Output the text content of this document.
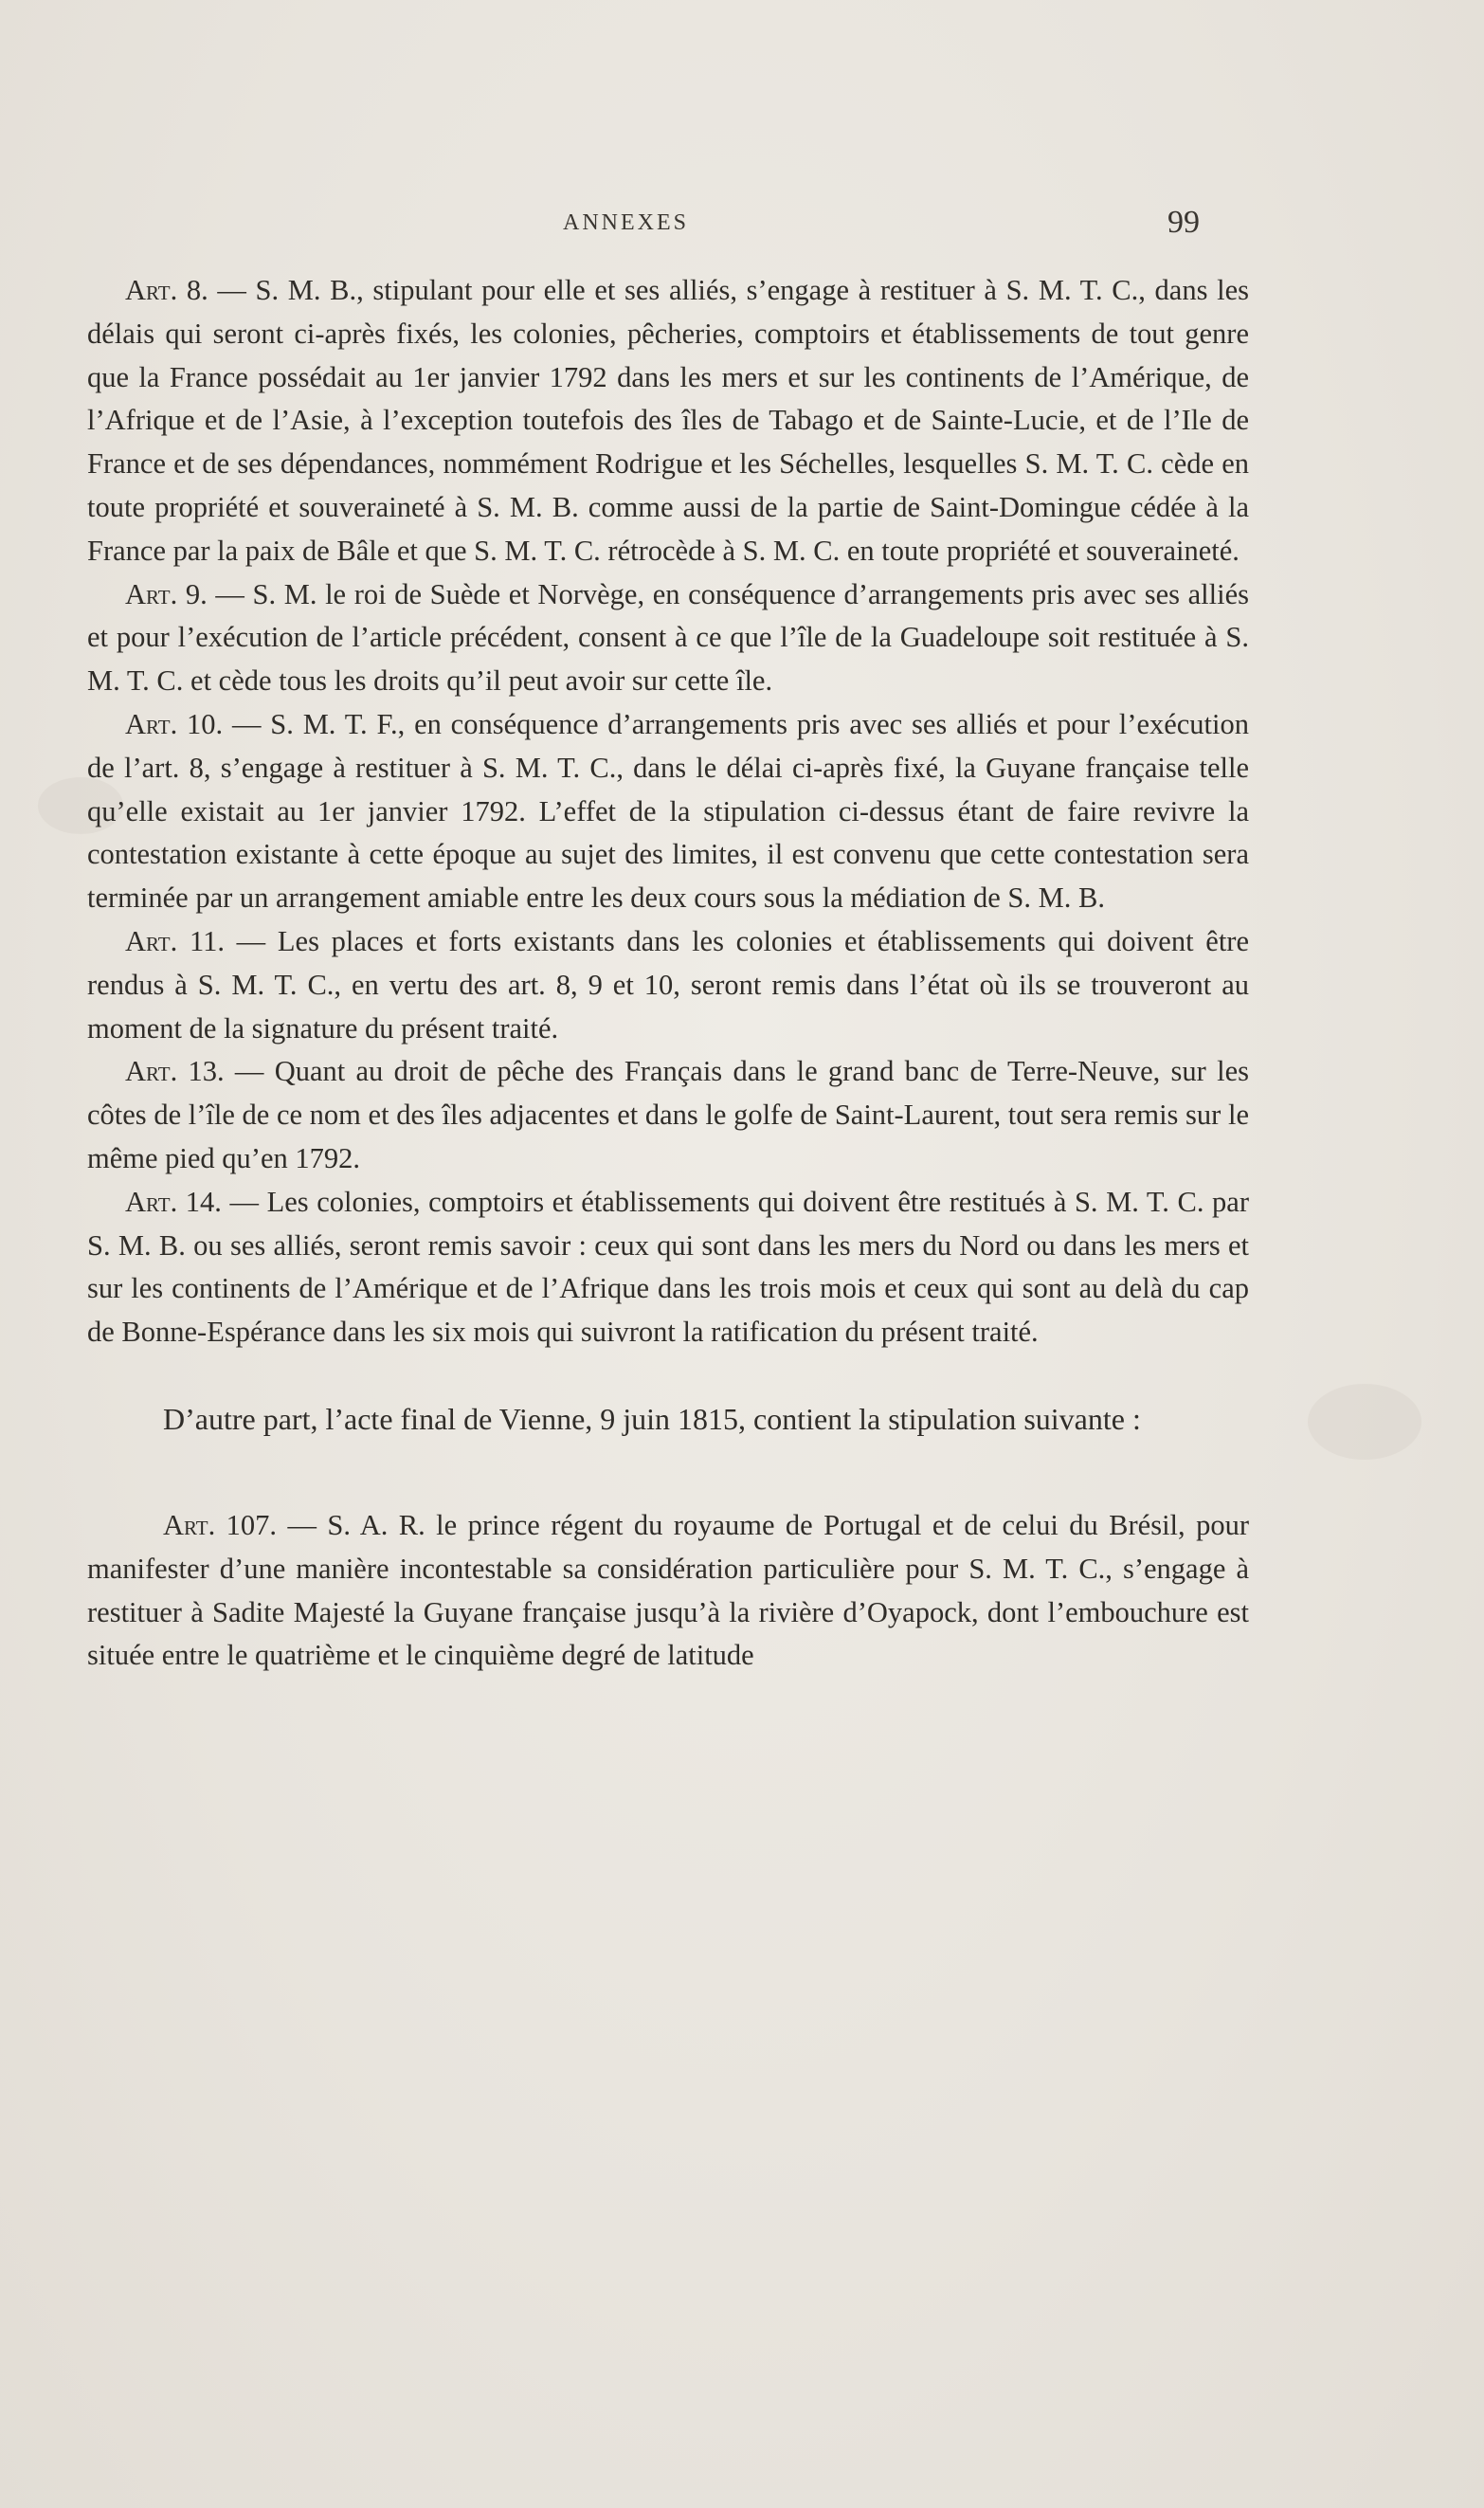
ANNEXES	99

Art. 8. — S. M. B., stipulant pour elle et ses alliés, s’engage à restituer à S. M. T. C., dans les délais qui seront ci-après fixés, les colonies, pêcheries, comptoirs et établissements de tout genre que la France possédait au 1er janvier 1792 dans les mers et sur les continents de l’Amérique, de l’Afrique et de l’Asie, à l’exception toutefois des îles de Tabago et de Sainte-Lucie, et de l’Ile de France et de ses dépendances, nommément Rodrigue et les Séchelles, lesquelles S. M. T. C. cède en toute propriété et souveraineté à S. M. B. comme aussi de la partie de Saint-Domingue cédée à la France par la paix de Bâle et que S. M. T. C. rétrocède à S. M. C. en toute propriété et souveraineté.

Art. 9. — S. M. le roi de Suède et Norvège, en conséquence d’arrangements pris avec ses alliés et pour l’exécution de l’article précédent, consent à ce que l’île de la Guadeloupe soit restituée à S. M. T. C. et cède tous les droits qu’il peut avoir sur cette île.

Art. 10. — S. M. T. F., en conséquence d’arrangements pris avec ses alliés et pour l’exécution de l’art. 8, s’engage à restituer à S. M. T. C., dans le délai ci-après fixé, la Guyane française telle qu’elle existait au 1er janvier 1792. L’effet de la stipulation ci-dessus étant de faire revivre la contestation existante à cette époque au sujet des limites, il est convenu que cette contestation sera terminée par un arrangement amiable entre les deux cours sous la médiation de S. M. B.

Art. 11. — Les places et forts existants dans les colonies et établissements qui doivent être rendus à S. M. T. C., en vertu des art. 8, 9 et 10, seront remis dans l’état où ils se trouveront au moment de la signature du présent traité.

Art. 13. — Quant au droit de pêche des Français dans le grand banc de Terre-Neuve, sur les côtes de l’île de ce nom et des îles adjacentes et dans le golfe de Saint-Laurent, tout sera remis sur le même pied qu’en 1792.

Art. 14. — Les colonies, comptoirs et établissements qui doivent être restitués à S. M. T. C. par S. M. B. ou ses alliés, seront remis savoir : ceux qui sont dans les mers du Nord ou dans les mers et sur les continents de l’Amérique et de l’Afrique dans les trois mois et ceux qui sont au delà du cap de Bonne-Espérance dans les six mois qui suivront la ratification du présent traité.

D’autre part, l’acte final de Vienne, 9 juin 1815, contient la stipulation suivante :

Art. 107. — S. A. R. le prince régent du royaume de Portugal et de celui du Brésil, pour manifester d’une manière incontestable sa considération particulière pour S. M. T. C., s’engage à restituer à Sadite Majesté la Guyane française jusqu’à la rivière d’Oyapock, dont l’embouchure est située entre le quatrième et le cinquième degré de latitude
